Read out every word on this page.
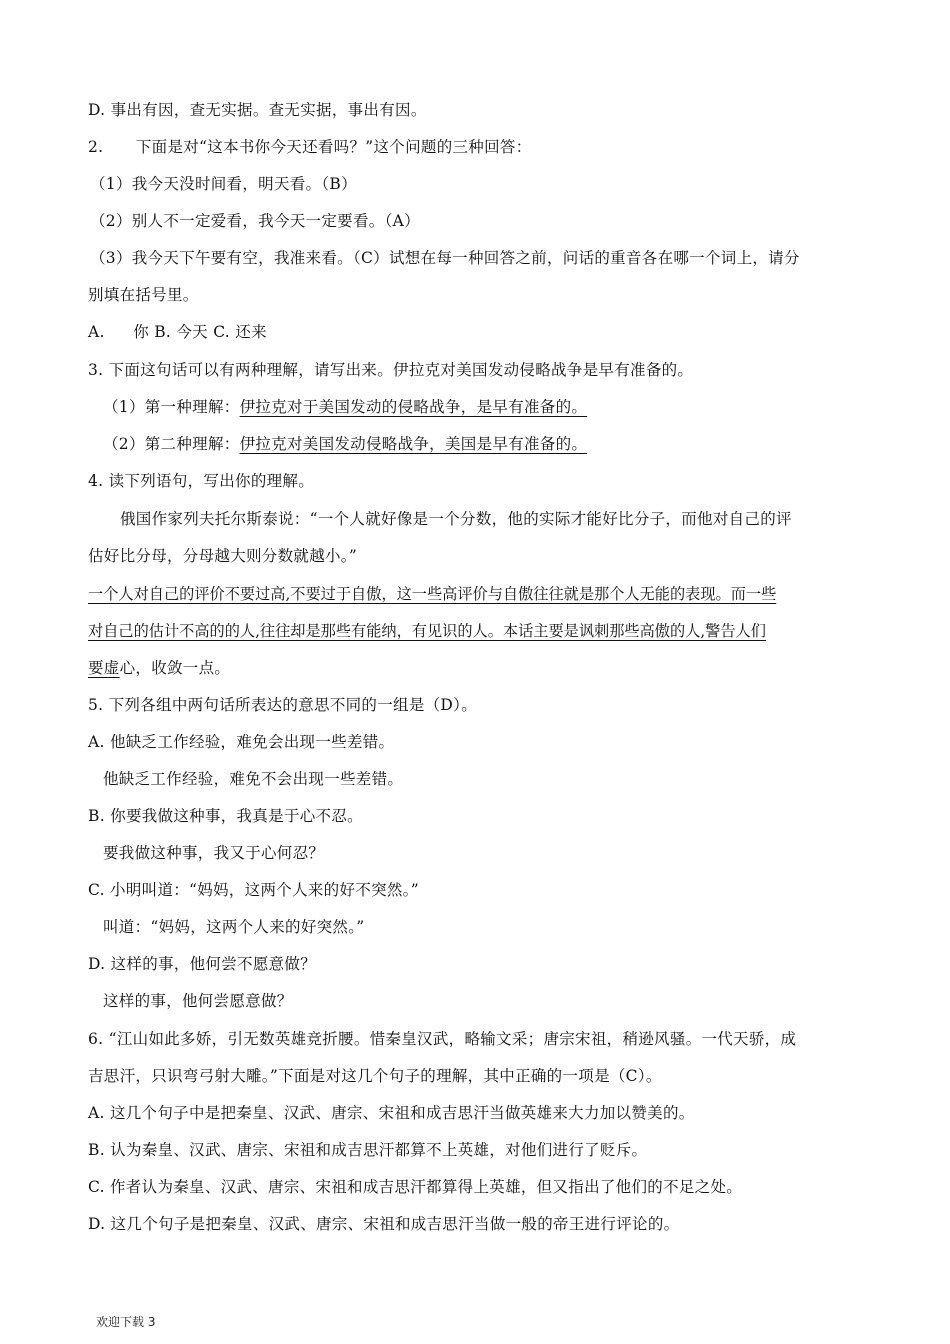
D. 事出有因，查无实据。查无实据，事出有因。
2. 下面是对“这本书你今天还看吗？”这个问题的三种回答：
（1）我今天没时间看，明天看。（B）
（2）别人不一定爱看，我今天一定要看。（A）
（3）我今天下午要有空，我准来看。（C）试想在每一种回答之前，问话的重音各在哪一个词上，请分
别填在括号里。
A. 你 B. 今天 C. 还来
3. 下面这句话可以有两种理解，请写出来。伊拉克对美国发动侵略战争是早有准备的。
（1）第一种理解：伊拉克对于美国发动的侵略战争，是早有准备的。
（2）第二种理解：伊拉克对美国发动侵略战争，美国是早有准备的。
4. 读下列语句，写出你的理解。
俄国作家列夫托尔斯泰说：“一个人就好像是一个分数，他的实际才能好比分子，而他对自己的评
估好比分母，分母越大则分数就越小。”
一个人对自己的评价不要过高,不要过于自傲，这一些高评价与自傲往往就是那个人无能的表现。而一些
对自己的估计不高的的人,往往却是那些有能纳，有见识的人。本话主要是讽刺那些高傲的人,警告人们
要虚心，收敛一点。
5. 下列各组中两句话所表达的意思不同的一组是（D）。
A. 他缺乏工作经验，难免会出现一些差错。
他缺乏工作经验，难免不会出现一些差错。
B. 你要我做这种事，我真是于心不忍。
要我做这种事，我又于心何忍？
C. 小明叫道：“妈妈，这两个人来的好不突然。”
叫道：“妈妈，这两个人来的好突然。”
D. 这样的事，他何尝不愿意做？
这样的事，他何尝愿意做？
6. “江山如此多娇，引无数英雄竞折腰。惜秦皇汉武，略输文采；唐宗宋祖，稍逊风骚。一代天骄，成
吉思汗，只识弯弓射大雕。”下面是对这几个句子的理解，其中正确的一项是（C）。
A. 这几个句子中是把秦皇、汉武、唐宗、宋祖和成吉思汗当做英雄来大力加以赞美的。
B. 认为秦皇、汉武、唐宗、宋祖和成吉思汗都算不上英雄，对他们进行了贬斥。
C. 作者认为秦皇、汉武、唐宗、宋祖和成吉思汗都算得上英雄，但又指出了他们的不足之处。
D. 这几个句子是把秦皇、汉武、唐宗、宋祖和成吉思汗当做一般的帝王进行评论的。
欢迎下载 3
